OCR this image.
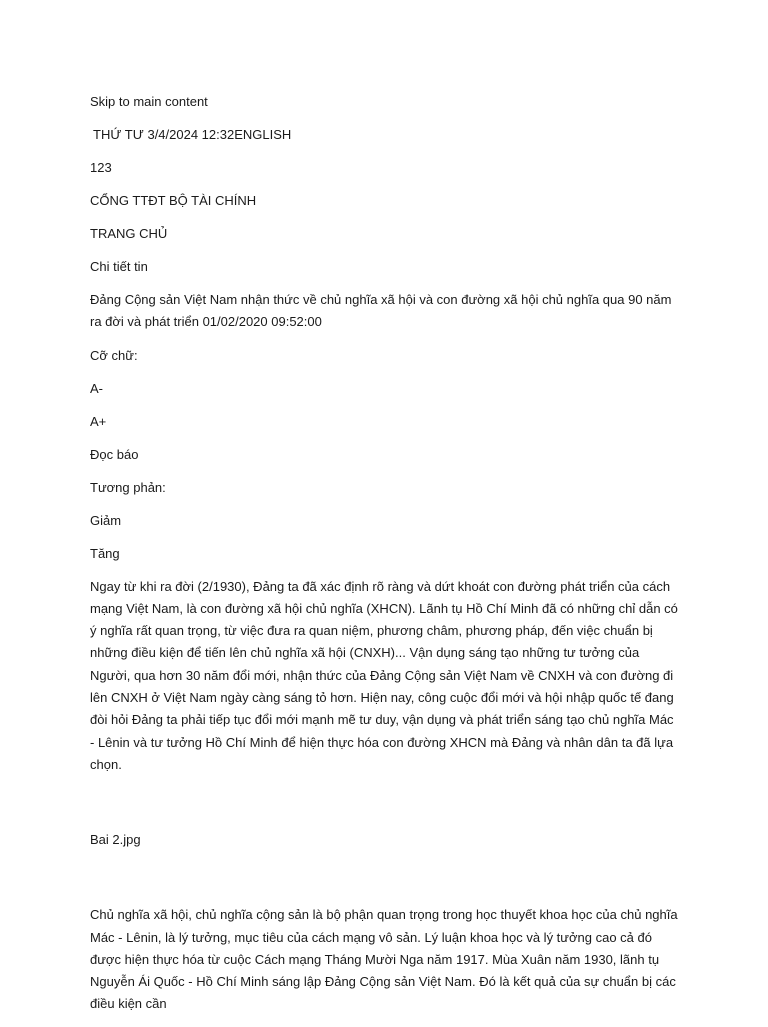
Skip to main content
THỨ TƯ 3/4/2024 12:32ENGLISH
123
CỔNG TTĐT BỘ TÀI CHÍNH
TRANG CHỦ
Chi tiết tin
Đảng Cộng sản Việt Nam nhận thức về chủ nghĩa xã hội và con đường xã hội chủ nghĩa qua 90 năm ra đời và phát triển 01/02/2020 09:52:00
Cỡ chữ:
A-
A+
Đọc báo
Tương phản:
Giảm
Tăng
Ngay từ khi ra đời (2/1930), Đảng ta đã xác định rõ ràng và dứt khoát con đường phát triển của cách mạng Việt Nam, là con đường xã hội chủ nghĩa (XHCN). Lãnh tụ Hồ Chí Minh đã có những chỉ dẫn có ý nghĩa rất quan trọng, từ việc đưa ra quan niệm, phương châm, phương pháp, đến việc chuẩn bị những điều kiện để tiến lên chủ nghĩa xã hội (CNXH)... Vận dụng sáng tạo những tư tưởng của Người, qua hơn 30 năm đổi mới, nhận thức của Đảng Cộng sản Việt Nam về CNXH và con đường đi lên CNXH ở Việt Nam ngày càng sáng tỏ hơn. Hiện nay, công cuộc đổi mới và hội nhập quốc tế đang đòi hỏi Đảng ta phải tiếp tục đổi mới mạnh mẽ tư duy, vận dụng và phát triển sáng tạo chủ nghĩa Mác - Lênin và tư tưởng Hồ Chí Minh để hiện thực hóa con đường XHCN mà Đảng và nhân dân ta đã lựa chọn.
Bai 2.jpg
Chủ nghĩa xã hội, chủ nghĩa cộng sản là bộ phận quan trọng trong học thuyết khoa học của chủ nghĩa Mác - Lênin, là lý tưởng, mục tiêu của cách mạng vô sản. Lý luận khoa học và lý tưởng cao cả đó được hiện thực hóa từ cuộc Cách mạng Tháng Mười Nga năm 1917. Mùa Xuân năm 1930, lãnh tụ Nguyễn Ái Quốc - Hồ Chí Minh sáng lập Đảng Cộng sản Việt Nam. Đó là kết quả của sự chuẩn bị các điều kiện cần
